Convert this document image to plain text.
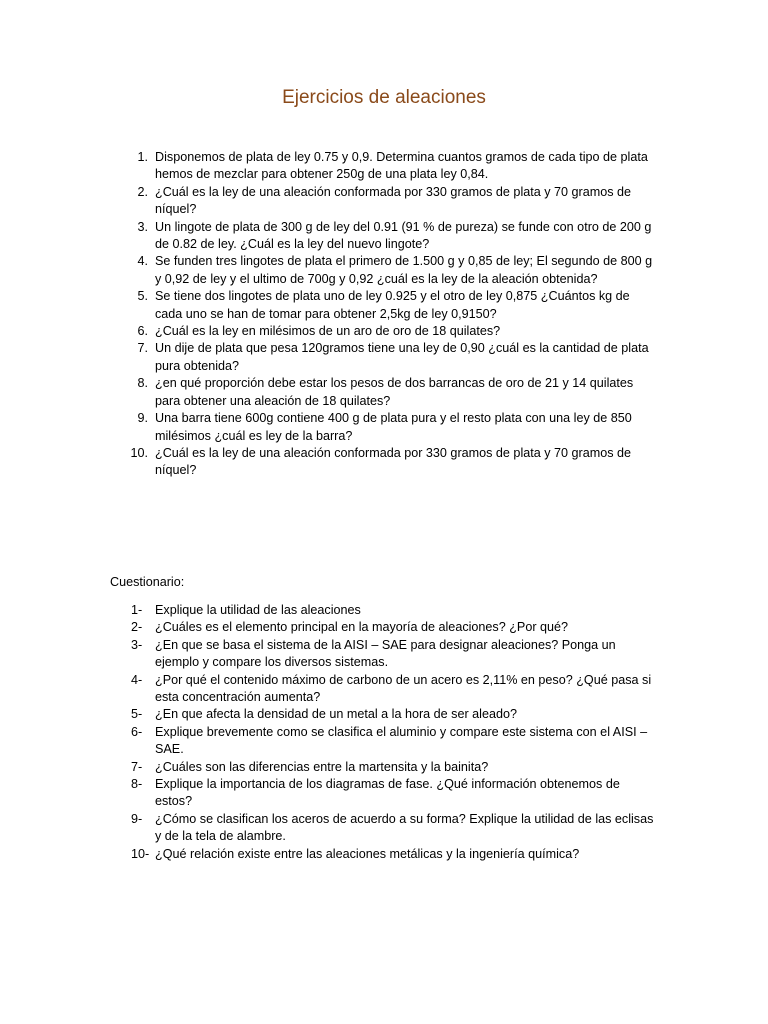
Ejercicios de aleaciones
1. Disponemos de plata de ley 0.75 y 0,9. Determina cuantos gramos de cada tipo de plata hemos de mezclar para obtener 250g de una plata ley 0,84.
2. ¿Cuál es la ley de una aleación conformada por 330 gramos de plata y 70 gramos de níquel?
3. Un lingote de plata de 300 g de ley del 0.91 (91 % de pureza) se funde con otro de 200 g de 0.82 de ley. ¿Cuál es la ley del nuevo lingote?
4. Se funden tres lingotes de plata el primero de 1.500 g y 0,85 de ley; El segundo de 800 g y 0,92 de ley y el ultimo de 700g y 0,92 ¿cuál es la ley de la aleación obtenida?
5. Se tiene dos lingotes de plata uno de ley 0.925 y el otro de ley 0,875 ¿Cuántos kg de cada uno se han de tomar para obtener 2,5kg de ley 0,9150?
6. ¿Cuál es la ley en milésimos de un aro de oro de 18 quilates?
7. Un dije de plata que pesa 120gramos tiene una ley de 0,90 ¿cuál es la cantidad de plata pura obtenida?
8. ¿en qué proporción debe estar los pesos de dos barrancas de oro de 21 y 14 quilates para obtener una aleación de 18 quilates?
9. Una barra tiene 600g contiene 400 g de plata pura y el resto plata con una ley de 850 milésimos ¿cuál es ley de la barra?
10. ¿Cuál es la ley de una aleación conformada por 330 gramos de plata y 70 gramos de níquel?
Cuestionario:
1-	Explique la utilidad de las aleaciones
2-	¿Cuáles es el elemento principal en la mayoría de aleaciones? ¿Por qué?
3-	¿En que se basa el sistema de la AISI – SAE para designar aleaciones? Ponga un ejemplo y compare los diversos sistemas.
4-	¿Por qué el contenido máximo de carbono de un acero es 2,11% en peso? ¿Qué pasa si esta concentración aumenta?
5-	¿En que afecta la densidad de un metal a la hora de ser aleado?
6-	Explique brevemente como se clasifica el aluminio y compare este sistema con el AISI – SAE.
7-	¿Cuáles son las diferencias entre la martensita y la bainita?
8-	Explique la importancia de los diagramas de fase. ¿Qué información obtenemos de estos?
9-	¿Cómo se clasifican los aceros de acuerdo a su forma? Explique la utilidad de las eclisas y de la tela de alambre.
10- ¿Qué relación existe entre las aleaciones metálicas y la ingeniería química?
